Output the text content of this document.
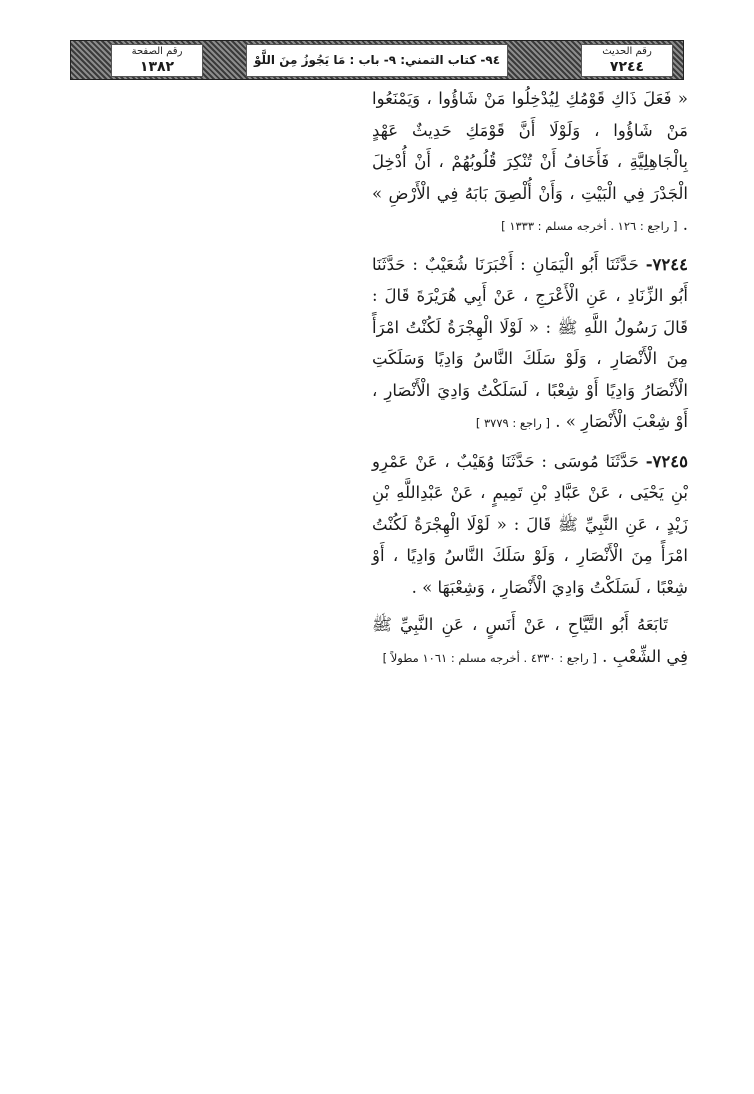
رقم الصفحة
١٣٨٢	٩٤- كتاب التمني: ٩- باب : مَا يَجُوزُ مِنَ اللَّوْ
رقم الحديث
٧٢٤٤

« فَعَلَ ذَاكِ قَوْمُكِ لِيُدْخِلُوا مَنْ شَاؤُوا ، وَيَمْنَعُوا مَنْ شَاؤُوا ، وَلَوْلَا أَنَّ قَوْمَكِ حَدِيثٌ عَهْدٍ بِالْجَاهِلِيَّةِ ، فَأَخَافُ أَنْ تُنْكِرَ قُلُوبُهُمْ ، أَنْ أُدْخِلَ الْجَدْرَ فِي الْبَيْتِ ، وَأَنْ أُلْصِقَ بَابَهُ فِي الْأَرْضِ » . [ راجع : ١٢٦ . أخرجه مسلم : ١٣٣٣ ]

٧٢٤٤- حَدَّثَنَا أَبُو الْيَمَانِ : أَخْبَرَنَا شُعَيْبٌ : حَدَّثَنَا أَبُو الزِّنَادِ ، عَنِ الْأَعْرَجِ ، عَنْ أَبِي هُرَيْرَةَ قَالَ : قَالَ رَسُولُ اللَّهِ ﷺ : « لَوْلَا الْهِجْرَةُ لَكُنْتُ امْرَأً مِنَ الْأَنْصَارِ ، وَلَوْ سَلَكَ النَّاسُ وَادِيًا وَسَلَكَتِ الْأَنْصَارُ وَادِيًا أَوْ شِعْبًا ، لَسَلَكْتُ وَادِيَ الْأَنْصَارِ ، أَوْ شِعْبَ الْأَنْصَارِ » . [ راجع : ٣٧٧٩ ]

٧٢٤٥- حَدَّثَنَا مُوسَى : حَدَّثَنَا وُهَيْبٌ ، عَنْ عَمْرِو بْنِ يَحْيَى ، عَنْ عَبَّادِ بْنِ تَمِيمٍ ، عَنْ عَبْدِاللَّهِ بْنِ زَيْدٍ ، عَنِ النَّبِيِّ ﷺ قَالَ : « لَوْلَا الْهِجْرَةُ لَكُنْتُ امْرَأً مِنَ الْأَنْصَارِ ، وَلَوْ سَلَكَ النَّاسُ وَادِيًا ، أَوْ شِعْبًا ، لَسَلَكْتُ وَادِيَ الْأَنْصَارِ ، وَشِعْبَهَا » .

تَابَعَهُ أَبُو التَّيَّاحِ ، عَنْ أَنَسٍ ، عَنِ النَّبِيِّ ﷺ فِي الشِّعْبِ . [ راجع : ٤٣٣٠ . أخرجه مسلم : ١٠٦١ مطولاً ]
